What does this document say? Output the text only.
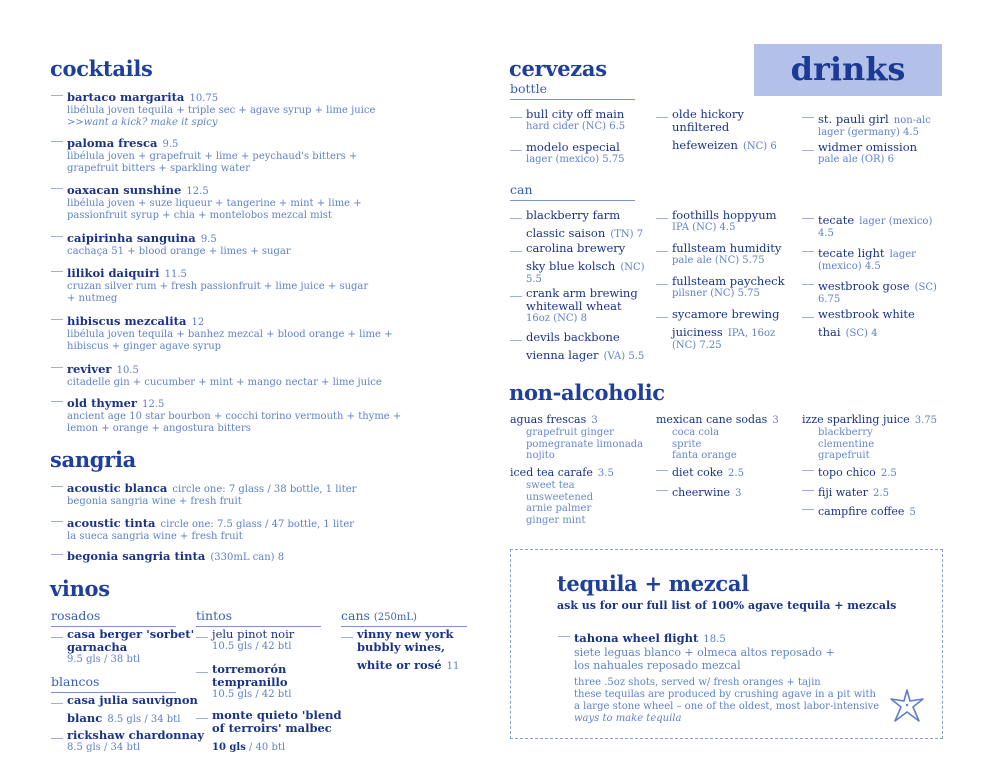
cocktails
bartaco margarita 10.75
libélula joven tequila + triple sec + agave syrup + lime juice
>>want a kick? make it spicy
paloma fresca 9.5
libélula joven + grapefruit + lime + peychaud's bitters +
grapefruit bitters + sparkling water
oaxacan sunshine 12.5
libélula joven + suze liqueur + tangerine + mint + lime +
passionfruit syrup + chia + montelobos mezcal mist
caipirinha sanguina 9.5
cachaça 51 + blood orange + limes + sugar
lilikoi daiquiri 11.5
cruzan silver rum + fresh passionfruit + lime juice + sugar
+ nutmeg
hibiscus mezcalita 12
libélula joven tequila + banhez mezcal + blood orange + lime +
hibiscus + ginger agave syrup
reviver 10.5
citadelle gin + cucumber + mint + mango nectar + lime juice
old thymer 12.5
ancient age 10 star bourbon + cocchi torino vermouth + thyme +
lemon + orange + angostura bitters
sangria
acoustic blanca circle one: 7 glass / 38 bottle, 1 liter
begonia sangria wine + fresh fruit
acoustic tinta circle one: 7.5 glass / 47 bottle, 1 liter
la sueca sangria wine + fresh fruit
begonia sangria tinta (330mL can) 8
vinos
rosados
casa berger 'sorbet'
garnacha
9.5 gls / 38 btl
blancos
casa julia sauvignon
blanc 8.5 gls / 34 btl
rickshaw chardonnay
8.5 gls / 34 btl
tintos
jelu pinot noir
10.5 gls / 42 btl
torremorón
tempranillo
10.5 gls / 42 btl
monte quieto 'blend
of terroirs' malbec
10 gls / 40 btl
cans (250mL)
vinny new york
bubbly wines,
white or rosé 11
cervezas
bottle
drinks
bull city off main
hard cider (NC) 6.5
modelo especial
lager (mexico) 5.75
olde hickory
unfiltered
hefeweizen (NC) 6
st. pauli girl non-alc
lager (germany) 4.5
widmer omission
pale ale (OR) 6
can
blackberry farm
classic saison (TN) 7
carolina brewery
sky blue kolsch (NC)
5.5
crank arm brewing
whitewall wheat
16oz (NC) 8
devils backbone
vienna lager (VA) 5.5
foothills hoppyum
IPA (NC) 4.5
fullsteam humidity
pale ale (NC) 5.75
fullsteam paycheck
pilsner (NC) 5.75
sycamore brewing
juiciness IPA, 16oz
(NC) 7.25
tecate lager (mexico)
4.5
tecate light lager
(mexico) 4.5
westbrook gose (SC)
6.75
westbrook white
thai (SC) 4
non-alcoholic
aguas frescas 3
grapefruit ginger
pomegranate limonada
nojito
iced tea carafe 3.5
sweet tea
unsweetened
arnie palmer
ginger mint
mexican cane sodas 3
coca cola
sprite
fanta orange
diet coke 2.5
cheerwine 3
izze sparkling juice 3.75
blackberry
clementine
grapefruit
topo chico 2.5
fiji water 2.5
campfire coffee 5
tequila + mezcal
ask us for our full list of 100% agave tequila + mezcals
tahona wheel flight 18.5
siete leguas blanco + olmeca altos reposado +
los nahuales reposado mezcal
three .5oz shots, served w/ fresh oranges + tajin
these tequilas are produced by crushing agave in a pit with
a large stone wheel – one of the oldest, most labor-intensive
ways to make tequila
